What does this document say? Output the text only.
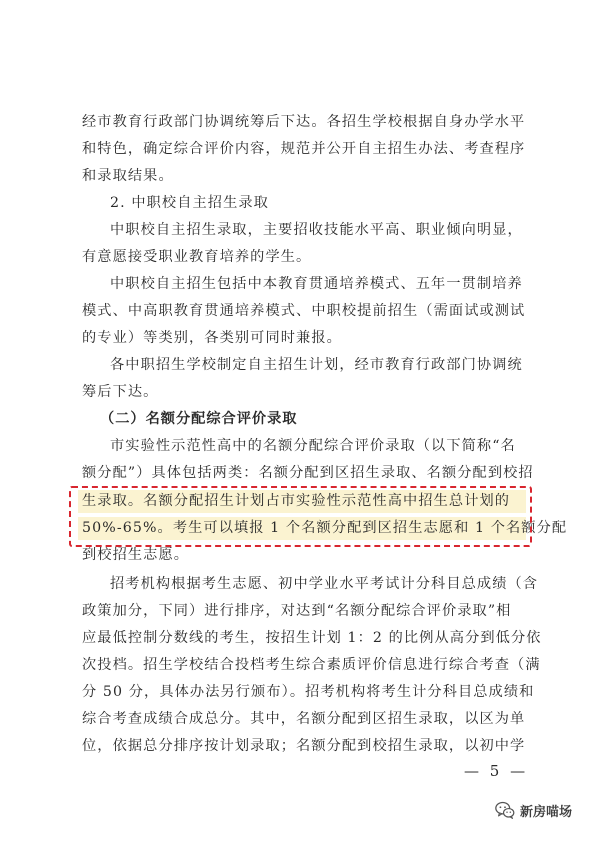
经市教育行政部门协调统筹后下达。各招生学校根据自身办学水平
和特色，确定综合评价内容，规范并公开自主招生办法、考查程序
和录取结果。
2. 中职校自主招生录取
中职校自主招生录取，主要招收技能水平高、职业倾向明显，
有意愿接受职业教育培养的学生。
中职校自主招生包括中本教育贯通培养模式、五年一贯制培养
模式、中高职教育贯通培养模式、中职校提前招生（需面试或测试
的专业）等类别，各类别可同时兼报。
各中职招生学校制定自主招生计划，经市教育行政部门协调统
筹后下达。
（二）名额分配综合评价录取
市实验性示范性高中的名额分配综合评价录取（以下简称“名
额分配”）具体包括两类：名额分配到区招生录取、名额分配到校招
生录取。名额分配招生计划占市实验性示范性高中招生总计划的
50%-65%。考生可以填报 1 个名额分配到区招生志愿和 1 个名额分配
到校招生志愿。
招考机构根据考生志愿、初中学业水平考试计分科目总成绩（含
政策加分，下同）进行排序，对达到“名额分配综合评价录取”相
应最低控制分数线的考生，按招生计划 1：2 的比例从高分到低分依
次投档。招生学校结合投档考生综合素质评价信息进行综合考查（满
分 50 分，具体办法另行颁布）。招考机构将考生计分科目总成绩和
综合考查成绩合成总分。其中，名额分配到区招生录取，以区为单
位，依据总分排序按计划录取；名额分配到校招生录取，以初中学
— 5 —
新房喵场
